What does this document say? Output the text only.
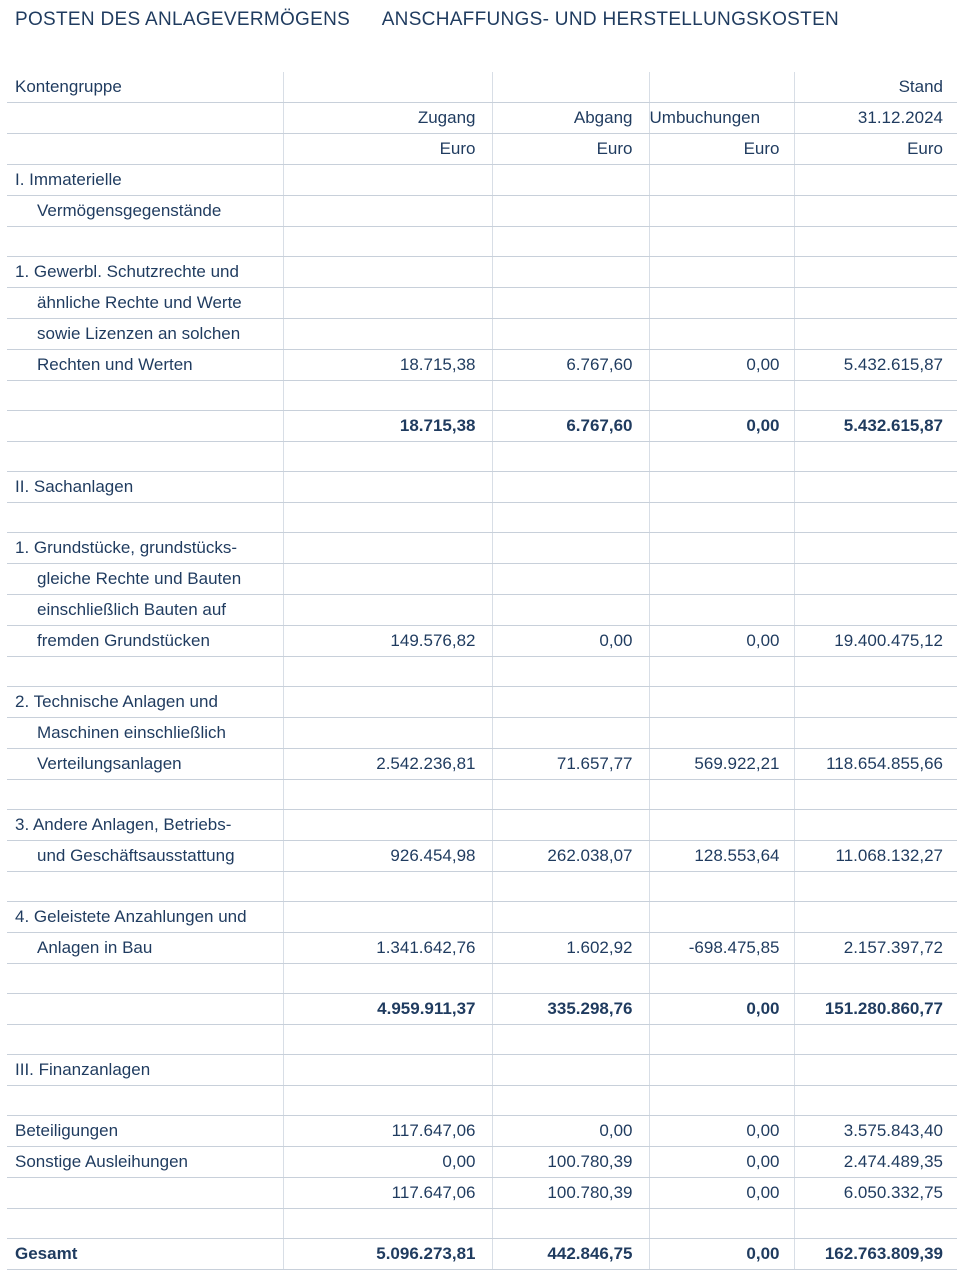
POSTEN DES ANLAGEVERMÖGENS ANSCHAFFUNGS- UND HERSTELLUNGSKOSTEN
Kontengruppe				Stand
	Zugang	Abgang	Umbuchungen	31.12.2024
	Euro	Euro	Euro	Euro
I. Immaterielle				
Vermögensgegenstände				

1. Gewerbl. Schutzrechte und				
ähnliche Rechte und Werte				
sowie Lizenzen an solchen				
Rechten und Werten	18.715,38	6.767,60	0,00	5.432.615,87

	18.715,38	6.767,60	0,00	5.432.615,87

II. Sachanlagen				

1. Grundstücke, grundstücks-				
gleiche Rechte und Bauten				
einschließlich Bauten auf				
fremden Grundstücken	149.576,82	0,00	0,00	19.400.475,12

2. Technische Anlagen und				
Maschinen einschließlich				
Verteilungsanlagen	2.542.236,81	71.657,77	569.922,21	118.654.855,66

3. Andere Anlagen, Betriebs-				
und Geschäftsausstattung	926.454,98	262.038,07	128.553,64	11.068.132,27

4. Geleistete Anzahlungen und				
Anlagen in Bau	1.341.642,76	1.602,92	-698.475,85	2.157.397,72

	4.959.911,37	335.298,76	0,00	151.280.860,77

III. Finanzanlagen				

Beteiligungen	117.647,06	0,00	0,00	3.575.843,40
Sonstige Ausleihungen	0,00	100.780,39	0,00	2.474.489,35
	117.647,06	100.780,39	0,00	6.050.332,75

Gesamt	5.096.273,81	442.846,75	0,00	162.763.809,39
